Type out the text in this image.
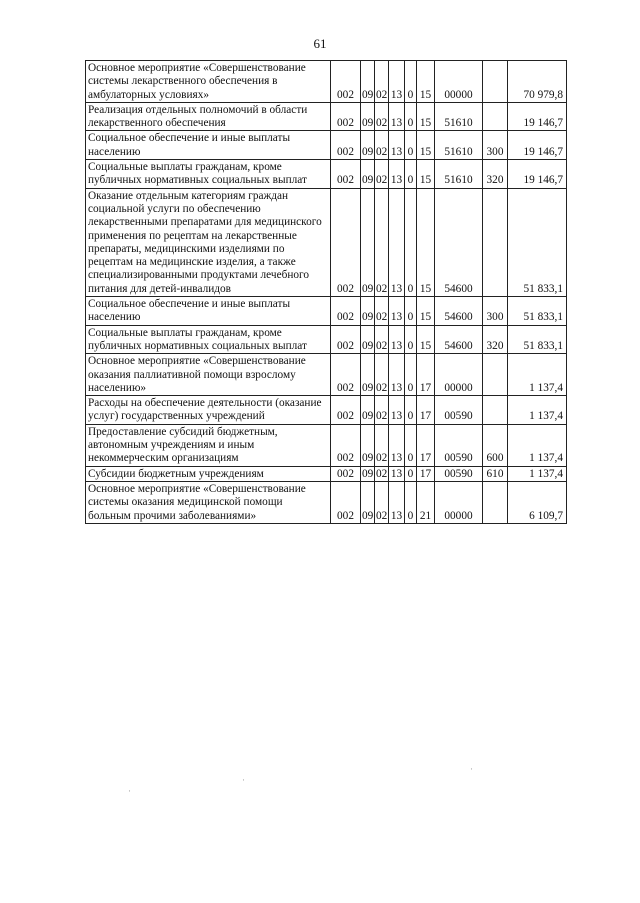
61
Основное мероприятие «Совершенствование системы лекарственного обеспечения в амбулаторных условиях»	002	09	02	13	0	15	00000		70 979,8
Реализация отдельных полномочий в области лекарственного обеспечения	002	09	02	13	0	15	51610		19 146,7
Социальное обеспечение и иные выплаты населению	002	09	02	13	0	15	51610	300	19 146,7
Социальные выплаты гражданам, кроме публичных нормативных социальных выплат	002	09	02	13	0	15	51610	320	19 146,7
Оказание отдельным категориям граждан социальной услуги по обеспечению лекарственными препаратами для медицинского применения по рецептам на лекарственные препараты, медицинскими изделиями по рецептам на медицинские изделия, а также специализированными продуктами лечебного питания для детей-инвалидов	002	09	02	13	0	15	54600		51 833,1
Социальное обеспечение и иные выплаты населению	002	09	02	13	0	15	54600	300	51 833,1
Социальные выплаты гражданам, кроме публичных нормативных социальных выплат	002	09	02	13	0	15	54600	320	51 833,1
Основное мероприятие «Совершенствование оказания паллиативной помощи взрослому населению»	002	09	02	13	0	17	00000		1 137,4
Расходы на обеспечение деятельности (оказание услуг) государственных учреждений	002	09	02	13	0	17	00590		1 137,4
Предоставление субсидий бюджетным, автономным учреждениям и иным некоммерческим организациям	002	09	02	13	0	17	00590	600	1 137,4
Субсидии бюджетным учреждениям	002	09	02	13	0	17	00590	610	1 137,4
Основное мероприятие «Совершенствование системы оказания медицинской помощи больным прочими заболеваниями»	002	09	02	13	0	21	00000		6 109,7
·
·
·
